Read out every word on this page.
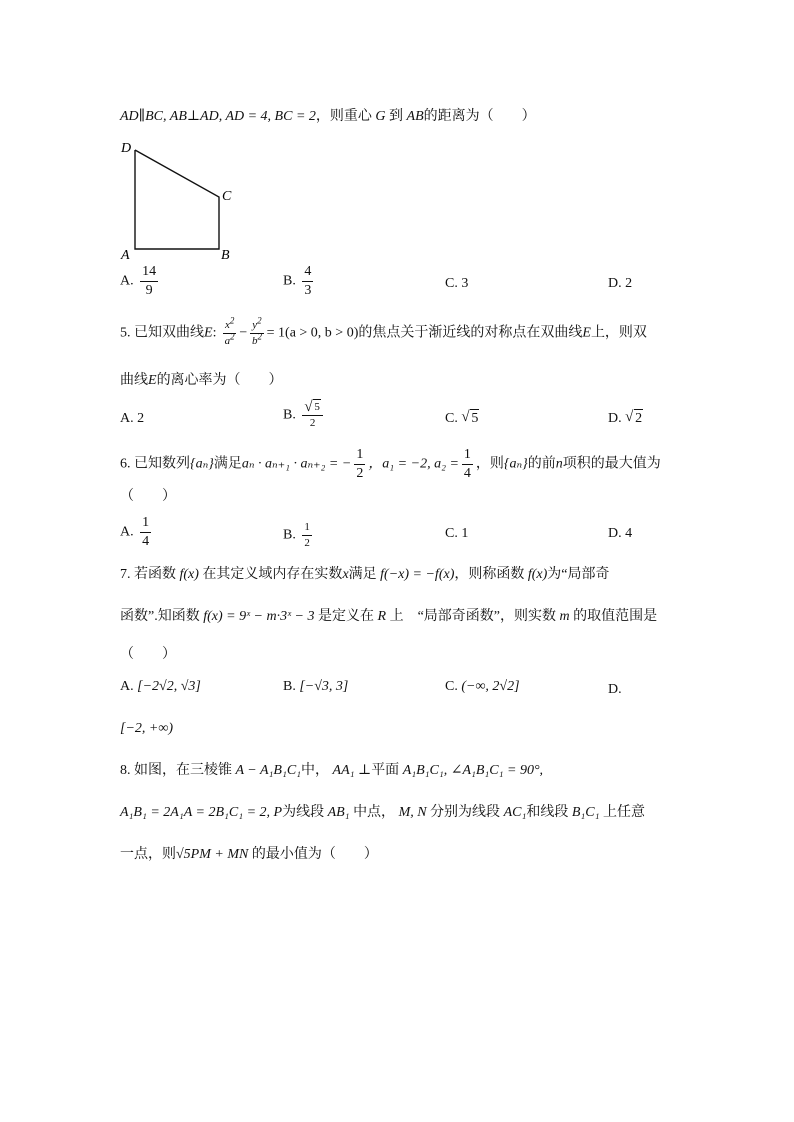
AD∥BC, AB⊥AD, AD = 4, BC = 2，则重心 G 到 AB的距离为（　　）
D
C
A	B
A. $\frac{14}{9}$	B. $\frac{4}{3}$	C. 3	D. 2
5. 已知双曲线E: $\frac{x^2}{a^2} - \frac{y^2}{b^2} = 1(a > 0$, b > 0)的焦点关于渐近线的对称点在双曲线E上，则双
曲线E的离心率为（　　）
A. 2	B. √ $\frac{5}{2}$	C. √ 5	D. √ 2
6. 已知数列{aₙ}满足aₙ · aₙ₊₁ · aₙ₊₂ = − $\frac{1}{2}$ ，a₁ = −2, $a_2 = \frac{1}{4}$ ，则{aₙ}的前n项积的最大值为
（　　）
A. $\frac{1}{4}$	B. $\frac{1}{2}$	C. 1	D. 4
7. 若函数 f(x) 在其定义域内存在实数x满足 f(−x) = −f(x)，则称函数 f(x)为“局部奇
函数”.知函数 f(x) = 9ˣ − m·3ˣ − 3 是定义在 R 上　“局部奇函数”，则实数 m 的取值范围是
（　　）
A. [−2√2, √3]	B. [−√3, 3]	C. (−∞, 2√2]	D.
[−2, +∞)
8. 如图，在三棱锥 A − A₁B₁C₁中， AA₁ ⊥平面 A₁B₁C₁, ∠A₁B₁C₁ = 90°,
A₁B₁ = 2A₁A = 2B₁C₁ = 2, P为线段 AB₁ 中点， M, N 分别为线段 AC₁和线段 B₁C₁ 上任意
一点，则√5PM + MN 的最小值为（　　）
